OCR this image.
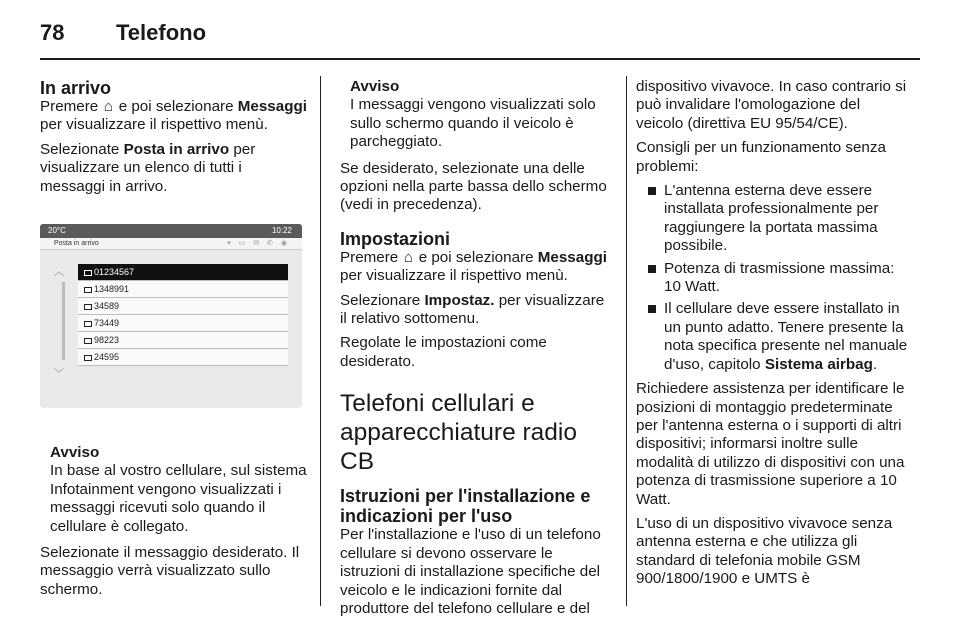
78 Telefono
In arrivo

Premere ⌂ e poi selezionare Messaggi per visualizzare il rispettivo menù.

Selezionate Posta in arrivo per visualizzare un elenco di tutti i messaggi in arrivo.

20°C	10:22
Posta in arrivo	▾ ▭ ✉ ✆ ◉
︿
﹀
01234567
1348991
34589
73449
98223
24595
Avviso
In base al vostro cellulare, sul sistema Infotainment vengono visualizzati i messaggi ricevuti solo quando il cellulare è collegato.

Selezionate il messaggio desiderato. Il messaggio verrà visualizzato sullo schermo.

Avviso
I messaggi vengono visualizzati solo sullo schermo quando il veicolo è parcheggiato.

Se desiderato, selezionate una delle opzioni nella parte bassa dello schermo (vedi in precedenza).

Impostazioni

Premere ⌂ e poi selezionare Messaggi per visualizzare il rispettivo menù.

Selezionare Impostaz. per visualizzare il relativo sottomenu.

Regolate le impostazioni come desiderato.

Telefoni cellulari e apparecchiature radio CB
Istruzioni per l'installazione e indicazioni per l'uso

Per l'installazione e l'uso di un telefono cellulare si devono osservare le istruzioni di installazione specifiche del veicolo e le indicazioni fornite dal produttore del telefono cellulare e del

dispositivo vivavoce. In caso contrario si può invalidare l'omologazione del veicolo (direttiva EU 95/54/CE).

Consigli per un funzionamento senza problemi:

L'antenna esterna deve essere installata professionalmente per raggiungere la portata massima possibile.
Potenza di trasmissione massima: 10 Watt.
Il cellulare deve essere installato in un punto adatto. Tenere presente la nota specifica presente nel manuale d'uso, capitolo Sistema airbag.

Richiedere assistenza per identificare le posizioni di montaggio predeterminate per l'antenna esterna o i supporti di altri dispositivi; informarsi inoltre sulle modalità di utilizzo di dispositivi con una potenza di trasmissione superiore a 10 Watt.

L'uso di un dispositivo vivavoce senza antenna esterna e che utilizza gli standard di telefonia mobile GSM 900/1800/1900 e UMTS è
